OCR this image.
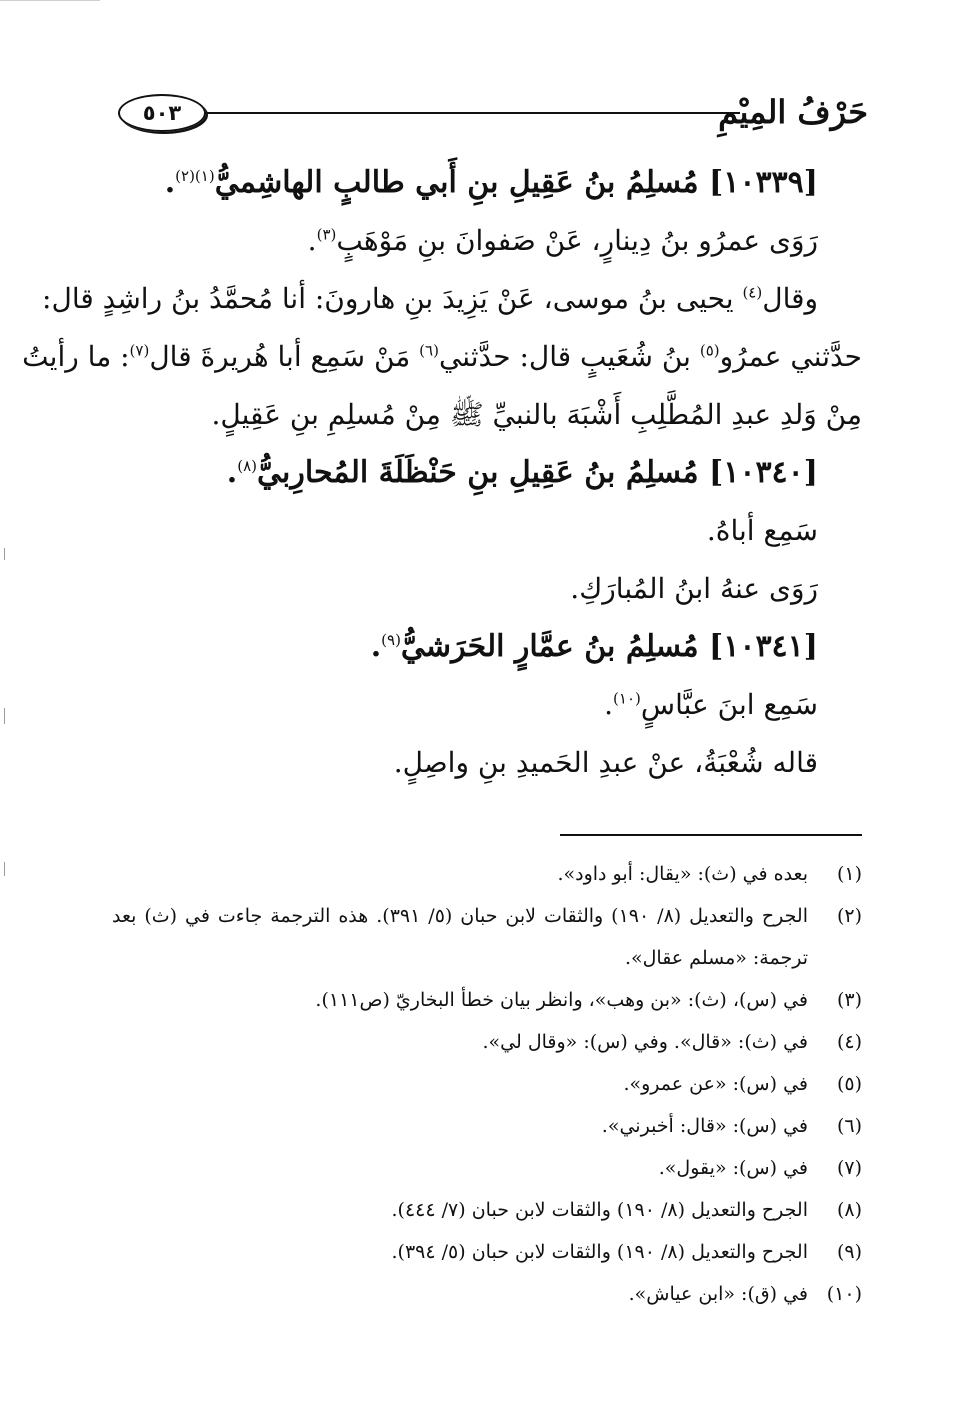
٥٠٣	حَرْفُ المِيْمِ
[١٠٣٣٩] مُسلِمُ بنُ عَقِيلِ بنِ أَبي طالبٍ الهاشِميُّ$^{(١)(٢)}$.
رَوَى عمرُو بنُ دِينارٍ، عَنْ صَفوانَ بنِ مَوْهَبٍ$^{(٣)}$.
وقال$^{(٤)}$ يحيى بنُ موسى، عَنْ يَزِيدَ بنِ هارونَ: أنا مُحمَّدُ بنُ راشِدٍ قال:
حدَّثني عمرُو$^{(٥)}$ بنُ شُعَيبٍ قال: حدَّثني$^{(٦)}$ مَنْ سَمِع أبا هُريرةَ قال$^{(٧)}$: ما رأيتُ
مِنْ وَلدِ عبدِ المُطَّلِبِ أَشْبَهَ بالنبيِّ ﷺ مِنْ مُسلِمِ بنِ عَقِيلٍ.
[١٠٣٤٠] مُسلِمُ بنُ عَقِيلِ بنِ حَنْظَلَةَ المُحارِبيُّ$^{(٨)}$.
سَمِع أباهُ.
رَوَى عنهُ ابنُ المُبارَكِ.
[١٠٣٤١] مُسلِمُ بنُ عمَّارٍ الحَرَشيُّ$^{(٩)}$.
سَمِع ابنَ عبَّاسٍ$^{(١٠)}$.
قاله شُعْبَةُ، عنْ عبدِ الحَميدِ بنِ واصِلٍ.
(١)
بعده في (ث): «يقال: أبو داود».
(٢)
الجرح والتعديل (٨/ ١٩٠) والثقات لابن حبان (٥/ ٣٩١). هذه الترجمة جاءت في (ث) بعد ترجمة: «مسلم عقال».
(٣)
في (س)، (ث): «بن وهب»، وانظر بيان خطأ البخاريّ (ص١١١).
(٤)
في (ث): «قال». وفي (س): «وقال لي».
(٥)
في (س): «عن عمرو».
(٦)
في (س): «قال: أخبرني».
(٧)
في (س): «يقول».
(٨)
الجرح والتعديل (٨/ ١٩٠) والثقات لابن حبان (٧/ ٤٤٤).
(٩)
الجرح والتعديل (٨/ ١٩٠) والثقات لابن حبان (٥/ ٣٩٤).
(١٠)
في (ق): «ابن عياش».
